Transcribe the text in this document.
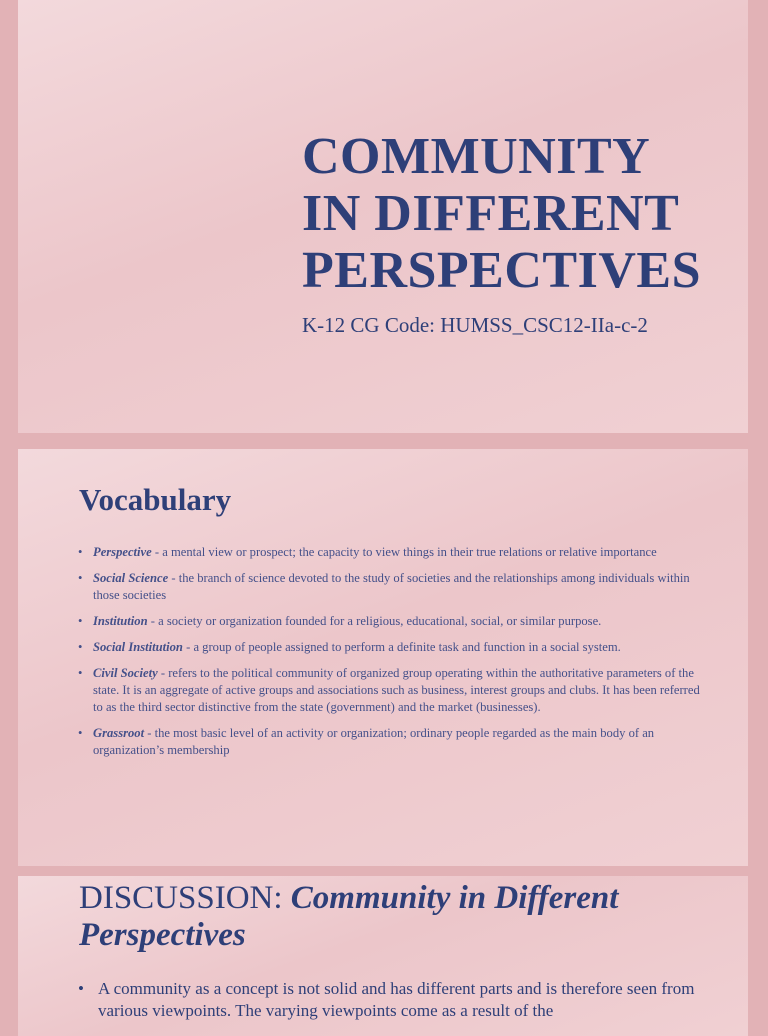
COMMUNITY
IN DIFFERENT
PERSPECTIVES

K-12 CG Code: HUMSS_CSC12-IIa-c-2

Vocabulary
• Perspective - a mental view or prospect; the capacity to view things in their true relations or relative importance
• Social Science - the branch of science devoted to the study of societies and the relationships among individuals within those societies
• Institution - a society or organization founded for a religious, educational, social, or similar purpose.
• Social Institution - a group of people assigned to perform a definite task and function in a social system.
• Civil Society - refers to the political community of organized group operating within the authoritative parameters of the state. It is an aggregate of active groups and associations such as business, interest groups and clubs. It has been referred to as the third sector distinctive from the state (government) and the market (businesses).
• Grassroot - the most basic level of an activity or organization; ordinary people regarded as the main body of an organization’s membership
DISCUSSION: Community in Different Perspectives
• A community as a concept is not solid and has different parts and is therefore seen from various viewpoints. The varying viewpoints come as a result of the
